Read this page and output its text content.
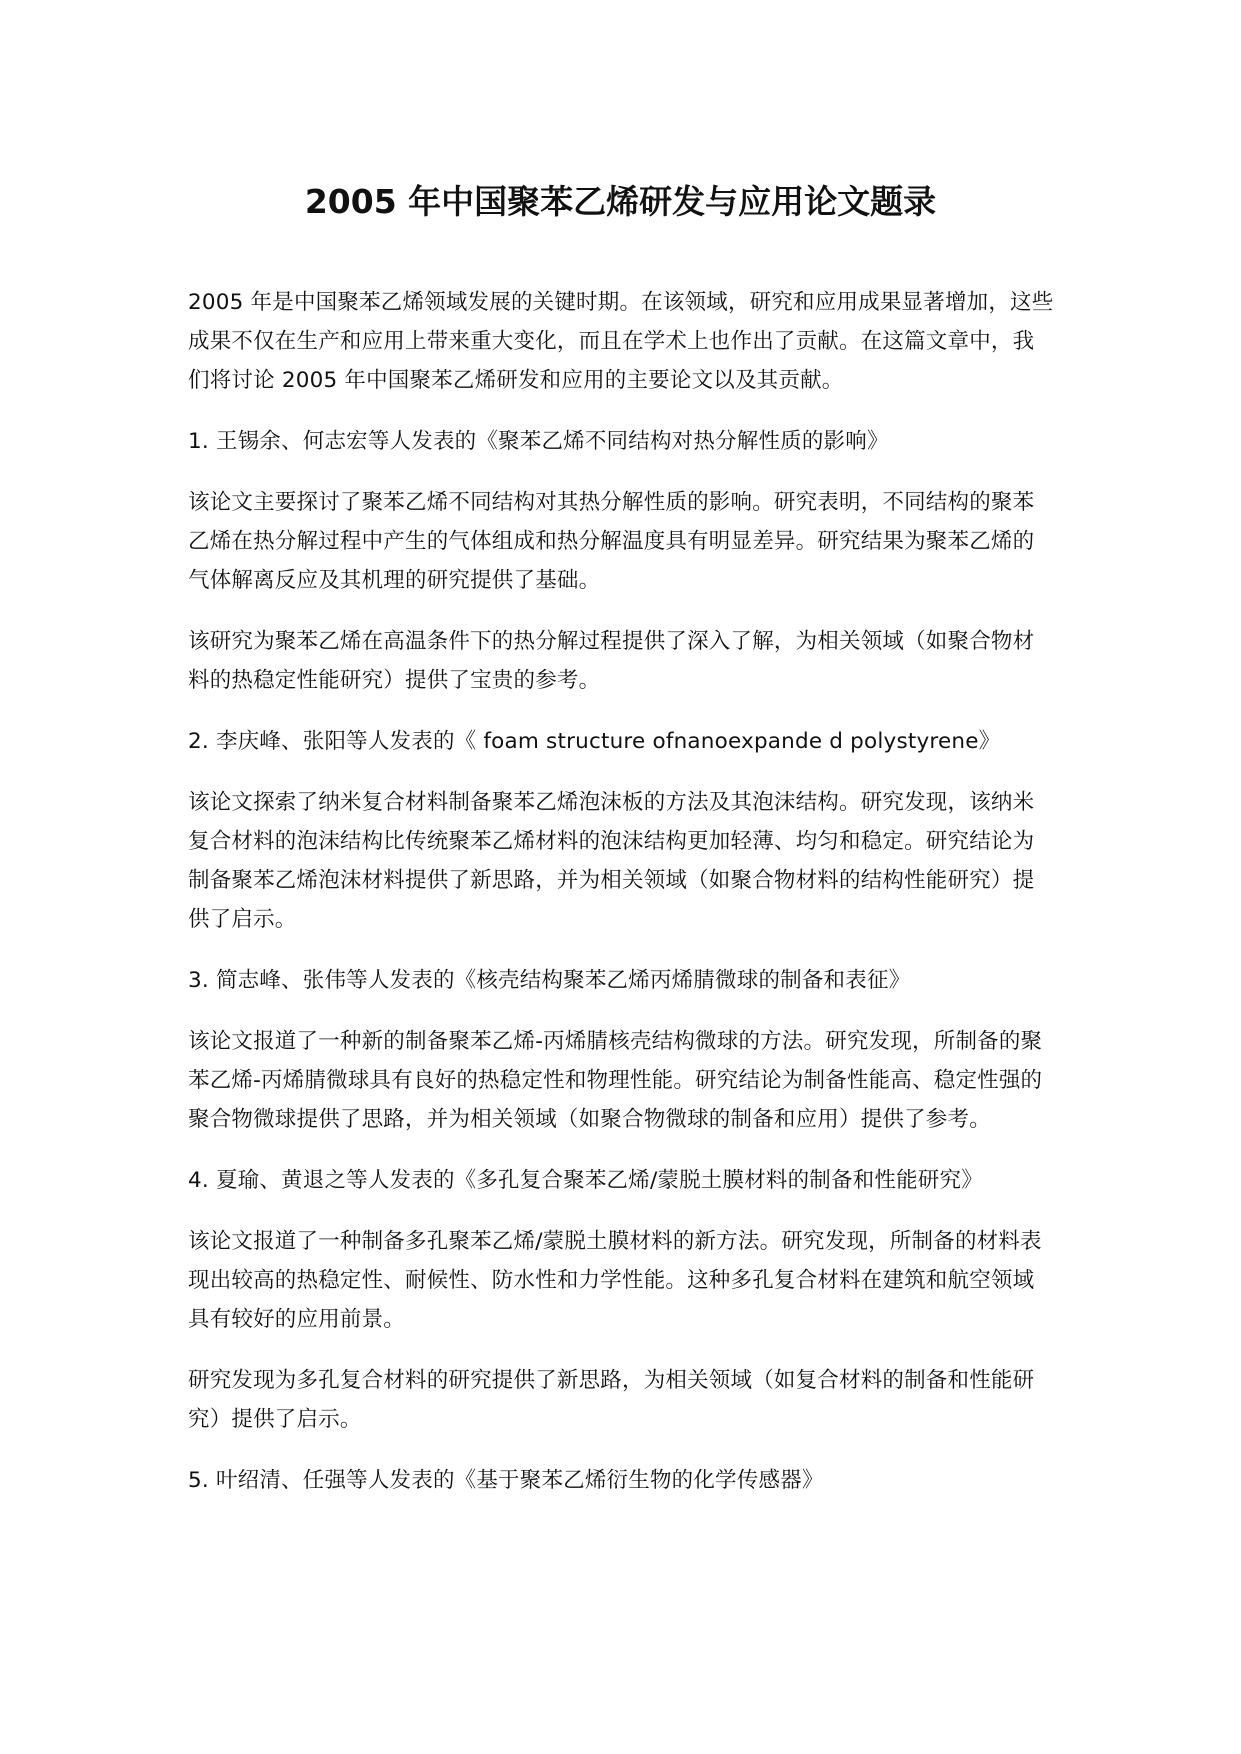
2005 年中国聚苯乙烯研发与应用论文题录

2005 年是中国聚苯乙烯领域发展的关键时期。在该领域，研究和应用成果显著增加，这些成果不仅在生产和应用上带来重大变化，而且在学术上也作出了贡献。在这篇文章中，我们将讨论 2005 年中国聚苯乙烯研发和应用的主要论文以及其贡献。

1. 王锡余、何志宏等人发表的《聚苯乙烯不同结构对热分解性质的影响》

该论文主要探讨了聚苯乙烯不同结构对其热分解性质的影响。研究表明，不同结构的聚苯乙烯在热分解过程中产生的气体组成和热分解温度具有明显差异。研究结果为聚苯乙烯的气体解离反应及其机理的研究提供了基础。

该研究为聚苯乙烯在高温条件下的热分解过程提供了深入了解，为相关领域（如聚合物材料的热稳定性能研究）提供了宝贵的参考。

2. 李庆峰、张阳等人发表的《 foam structure ofnanoexpande d polystyrene》

该论文探索了纳米复合材料制备聚苯乙烯泡沫板的方法及其泡沫结构。研究发现，该纳米复合材料的泡沫结构比传统聚苯乙烯材料的泡沫结构更加轻薄、均匀和稳定。研究结论为制备聚苯乙烯泡沫材料提供了新思路，并为相关领域（如聚合物材料的结构性能研究）提供了启示。

3. 简志峰、张伟等人发表的《核壳结构聚苯乙烯丙烯腈微球的制备和表征》

该论文报道了一种新的制备聚苯乙烯-丙烯腈核壳结构微球的方法。研究发现，所制备的聚苯乙烯-丙烯腈微球具有良好的热稳定性和物理性能。研究结论为制备性能高、稳定性强的聚合物微球提供了思路，并为相关领域（如聚合物微球的制备和应用）提供了参考。

4. 夏瑜、黄退之等人发表的《多孔复合聚苯乙烯/蒙脱土膜材料的制备和性能研究》

该论文报道了一种制备多孔聚苯乙烯/蒙脱土膜材料的新方法。研究发现，所制备的材料表现出较高的热稳定性、耐候性、防水性和力学性能。这种多孔复合材料在建筑和航空领域具有较好的应用前景。

研究发现为多孔复合材料的研究提供了新思路，为相关领域（如复合材料的制备和性能研究）提供了启示。

5. 叶绍清、任强等人发表的《基于聚苯乙烯衍生物的化学传感器》
